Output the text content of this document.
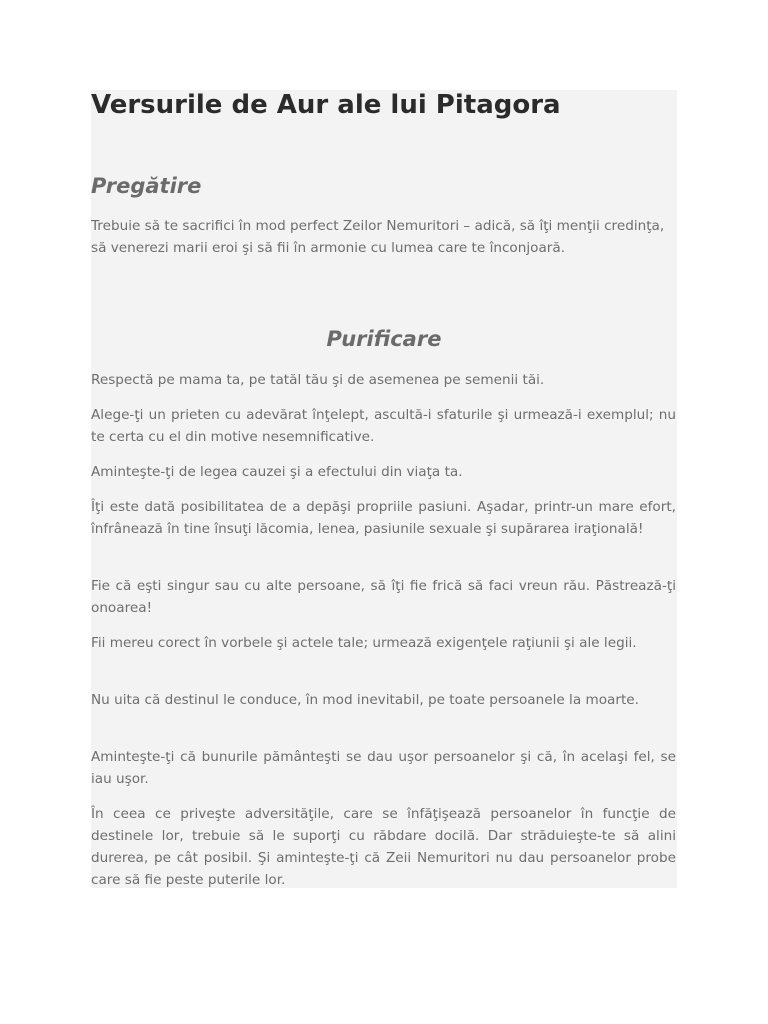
Versurile de Aur ale lui Pitagora
Pregătire

Trebuie să te sacrifici în mod perfect Zeilor Nemuritori – adică, să îţi menţii credinţa, să venerezi marii eroi şi să fii în armonie cu lumea care te înconjoară.

Purificare

Respectă pe mama ta, pe tatăl tău şi de asemenea pe semenii tăi.

Alege-ţi un prieten cu adevărat înţelept, ascultă-i sfaturile şi urmează-i exemplul; nu te certa cu el din motive nesemnificative.

Aminteşte-ţi de legea cauzei şi a efectului din viaţa ta.

Îţi este dată posibilitatea de a depăşi propriile pasiuni. Aşadar, printr-un mare efort, înfrânează în tine însuţi lăcomia, lenea, pasiunile sexuale şi supărarea iraţională!

Fie că eşti singur sau cu alte persoane, să îţi fie frică să faci vreun rău. Păstrează-ţi onoarea!

Fii mereu corect în vorbele şi actele tale; urmează exigenţele raţiunii şi ale legii.

Nu uita că destinul le conduce, în mod inevitabil, pe toate persoanele la moarte.

Aminteşte-ţi că bunurile pământeşti se dau uşor persoanelor şi că, în acelaşi fel, se iau uşor.

În ceea ce priveşte adversităţile, care se înfăţişează persoanelor în funcţie de destinele lor, trebuie să le suporţi cu răbdare docilă. Dar străduieşte-te să alini durerea, pe cât posibil. Şi aminteşte-ţi că Zeii Nemuritori nu dau persoanelor probe care să fie peste puterile lor.
